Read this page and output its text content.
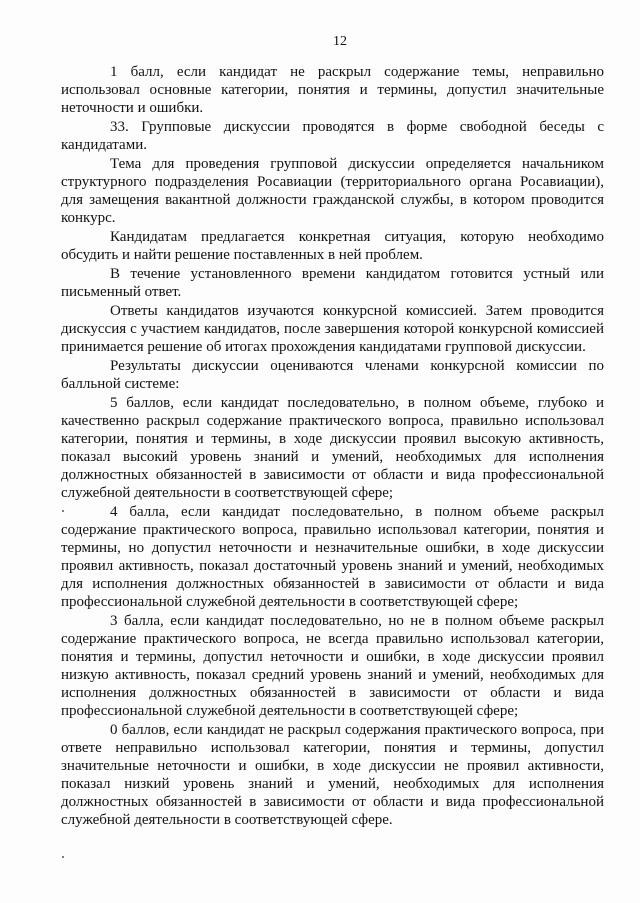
12

1 балл, если кандидат не раскрыл содержание темы, неправильно использовал основные категории, понятия и термины, допустил значительные неточности и ошибки.

33. Групповые дискуссии проводятся в форме свободной беседы с кандидатами.

Тема для проведения групповой дискуссии определяется начальником структурного подразделения Росавиации (территориального органа Росавиации), для замещения вакантной должности гражданской службы, в котором проводится конкурс.

Кандидатам предлагается конкретная ситуация, которую необходимо обсудить и найти решение поставленных в ней проблем.

В течение установленного времени кандидатом готовится устный или письменный ответ.

Ответы кандидатов изучаются конкурсной комиссией. Затем проводится дискуссия с участием кандидатов, после завершения которой конкурсной комиссией принимается решение об итогах прохождения кандидатами групповой дискуссии.

Результаты дискуссии оцениваются членами конкурсной комиссии по балльной системе:

5 баллов, если кандидат последовательно, в полном объеме, глубоко и качественно раскрыл содержание практического вопроса, правильно использовал категории, понятия и термины, в ходе дискуссии проявил высокую активность, показал высокий уровень знаний и умений, необходимых для исполнения должностных обязанностей в зависимости от области и вида профессиональной служебной деятельности в соответствующей сфере;

4 балла, если кандидат последовательно, в полном объеме раскрыл содержание практического вопроса, правильно использовал категории, понятия и термины, но допустил неточности и незначительные ошибки, в ходе дискуссии проявил активность, показал достаточный уровень знаний и умений, необходимых для исполнения должностных обязанностей в зависимости от области и вида профессиональной служебной деятельности в соответствующей сфере;

3 балла, если кандидат последовательно, но не в полном объеме раскрыл содержание практического вопроса, не всегда правильно использовал категории, понятия и термины, допустил неточности и ошибки, в ходе дискуссии проявил низкую активность, показал средний уровень знаний и умений, необходимых для исполнения должностных обязанностей в зависимости от области и вида профессиональной служебной деятельности в соответствующей сфере;

0 баллов, если кандидат не раскрыл содержания практического вопроса, при ответе неправильно использовал категории, понятия и термины, допустил значительные неточности и ошибки, в ходе дискуссии не проявил активности, показал низкий уровень знаний и умений, необходимых для исполнения должностных обязанностей в зависимости от области и вида профессиональной служебной деятельности в соответствующей сфере.
